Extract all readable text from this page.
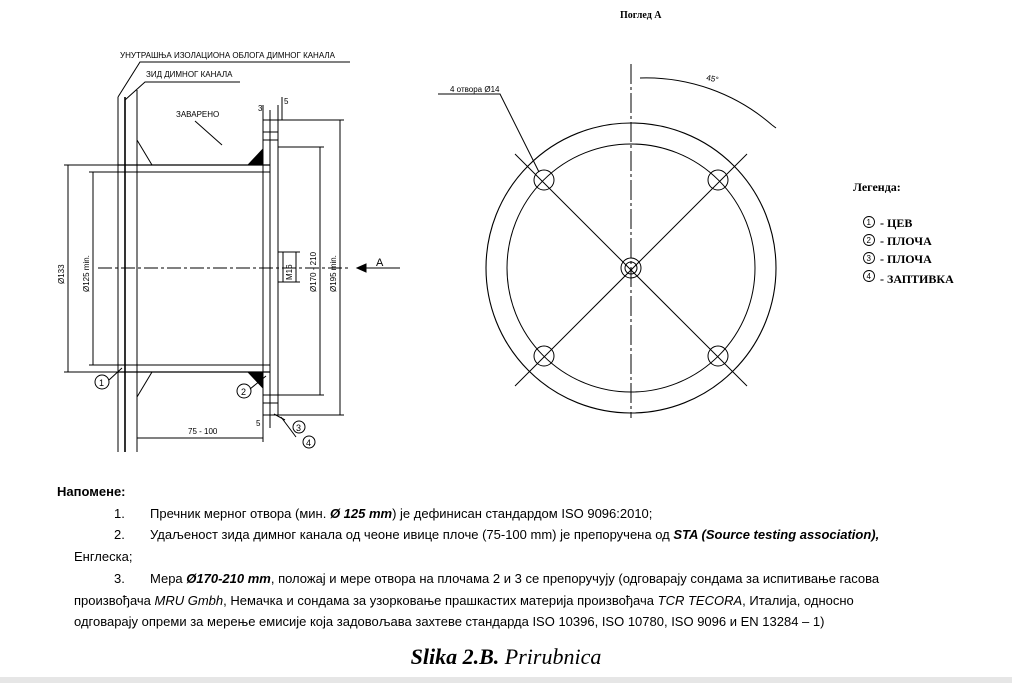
УНУТРАШЊА ИЗОЛАЦИОНА ОБЛОГА ДИМНОГ КАНАЛА
ЗИД ДИМНОГ КАНАЛА
ЗАВАРЕНО
3
5
5
75 - 100
Ø133 Ø125 min.	M16 Ø170 - 210 Ø195 min.
1
2
3
4
A
Поглед А
4 отвора Ø14
45°
Легенда:
1 - ЦЕВ
2 - ПЛОЧА
3 - ПЛОЧА
4 - ЗАПТИВКА
Напомене:
1. Пречник мерног отвора (мин. Ø 125 mm) је дефинисан стандардом ISO 9096:2010;
2. Удаљеност зида димног канала од чеоне ивице плоче (75-100 mm) је препоручена од STA (Source testing association),
Енглеска;
3. Мера Ø170-210 mm, положај и мере отвора на плочама 2 и 3 се препоручују (одговарају сондама за испитивање гасова
произвођача MRU Gmbh, Немачка и сондама за узорковање прашкастих материја произвођача TCR TECORA, Италија, односно
одговарају опреми за мерење емисије која задовољава захтеве стандарда ISO 10396, ISO 10780, ISO 9096 и EN 13284 – 1)
Slika 2.B. Prirubnica
